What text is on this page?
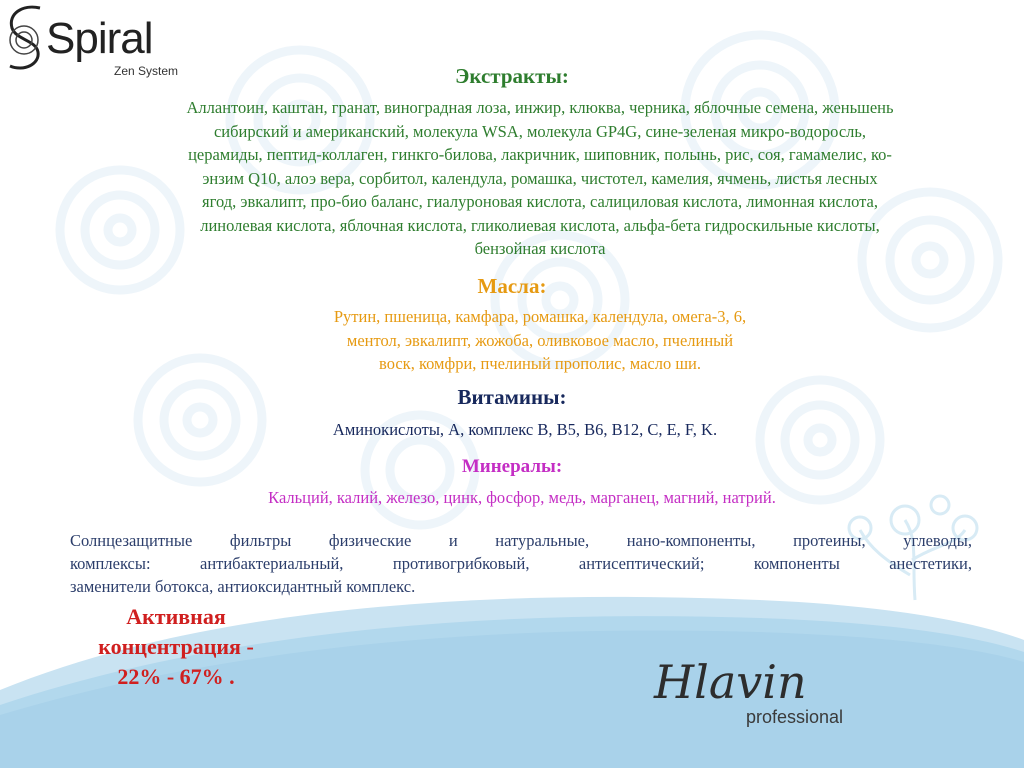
Spiral
Zen System	Экстракты:
Аллантоин, каштан, гранат, виноградная лоза, инжир, клюква, черника, яблочные семена, женьшень
сибирский и американский, молекула WSA, молекула GP4G, сине-зеленая микро-водоросль,
церамиды, пептид-коллаген, гинкго-билова, лакричник, шиповник, полынь, рис, соя, гамамелис, ко-
энзим Q10, алоэ вера, сорбитол, календула, ромашка, чистотел, камелия, ячмень, листья лесных
ягод, эвкалипт, про-био баланс, гиалуроновая кислота, салициловая кислота, лимонная кислота,
линолевая кислота, яблочная кислота, гликолиевая кислота, альфа-бета гидроскильные кислоты,
бензойная кислота
Масла:
Рутин, пшеница, камфара, ромашка, календула, омега-3, 6,
ментол, эвкалипт, жожоба, оливковое масло, пчелиный
воск, комфри, пчелиный прополис, масло ши.
Витамины:
Аминокислоты, А, комплекс В, В5, В6, В12, С, Е, F, K.
Минералы:
Кальций, калий, железо, цинк, фосфор, медь, марганец, магний, натрий.
Солнцезащитные фильтры физические и натуральные, нано-компоненты, протеины, углеводы,
комплексы: антибактериальный, противогрибковый, антисептический; компоненты анестетики,
заменители ботокса, антиоксидантный комплекс.
Активная
концентрация -
22% - 67% .	Hlavin
professional
